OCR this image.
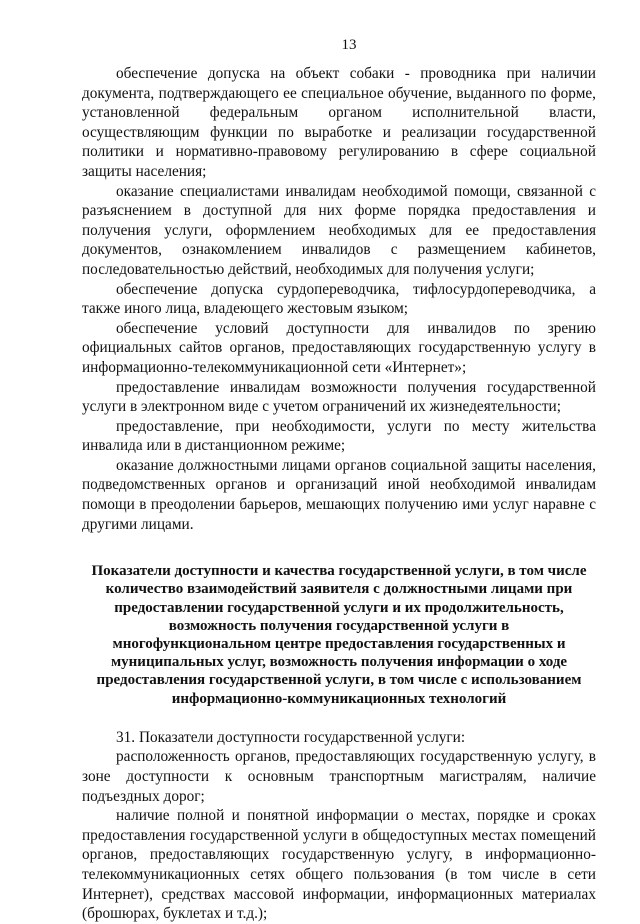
13

обеспечение допуска на объект собаки - проводника при наличии документа, подтверждающего ее специальное обучение, выданного по форме, установленной федеральным органом исполнительной власти, осуществляющим функции по выработке и реализации государственной политики и нормативно-правовому регулированию в сфере социальной защиты населения;

оказание специалистами инвалидам необходимой помощи, связанной с разъяснением в доступной для них форме порядка предоставления и получения услуги, оформлением необходимых для ее предоставления документов, ознакомлением инвалидов с размещением кабинетов, последовательностью действий, необходимых для получения услуги;

обеспечение допуска сурдопереводчика, тифлосурдопереводчика, а также иного лица, владеющего жестовым языком;

обеспечение условий доступности для инвалидов по зрению официальных сайтов органов, предоставляющих государственную услугу в информационно-телекоммуникационной сети «Интернет»;

предоставление инвалидам возможности получения государственной услуги в электронном виде с учетом ограничений их жизнедеятельности;

предоставление, при необходимости, услуги по месту жительства инвалида или в дистанционном режиме;

оказание должностными лицами органов социальной защиты населения, подведомственных органов и организаций иной необходимой инвалидам помощи в преодолении барьеров, мешающих получению ими услуг наравне с другими лицами.

Показатели доступности и качества государственной услуги, в том числе количество взаимодействий заявителя с должностными лицами при предоставлении государственной услуги и их продолжительность, возможность получения государственной услуги в многофункциональном центре предоставления государственных и муниципальных услуг, возможность получения информации о ходе предоставления государственной услуги, в том числе с использованием информационно-коммуникационных технологий

31. Показатели доступности государственной услуги:

расположенность органов, предоставляющих государственную услугу, в зоне доступности к основным транспортным магистралям, наличие подъездных дорог;

наличие полной и понятной информации о местах, порядке и сроках предоставления государственной услуги в общедоступных местах помещений органов, предоставляющих государственную услугу, в информационно-телекоммуникационных сетях общего пользования (в том числе в сети Интернет), средствах массовой информации, информационных материалах (брошюрах, буклетах и т.д.);
